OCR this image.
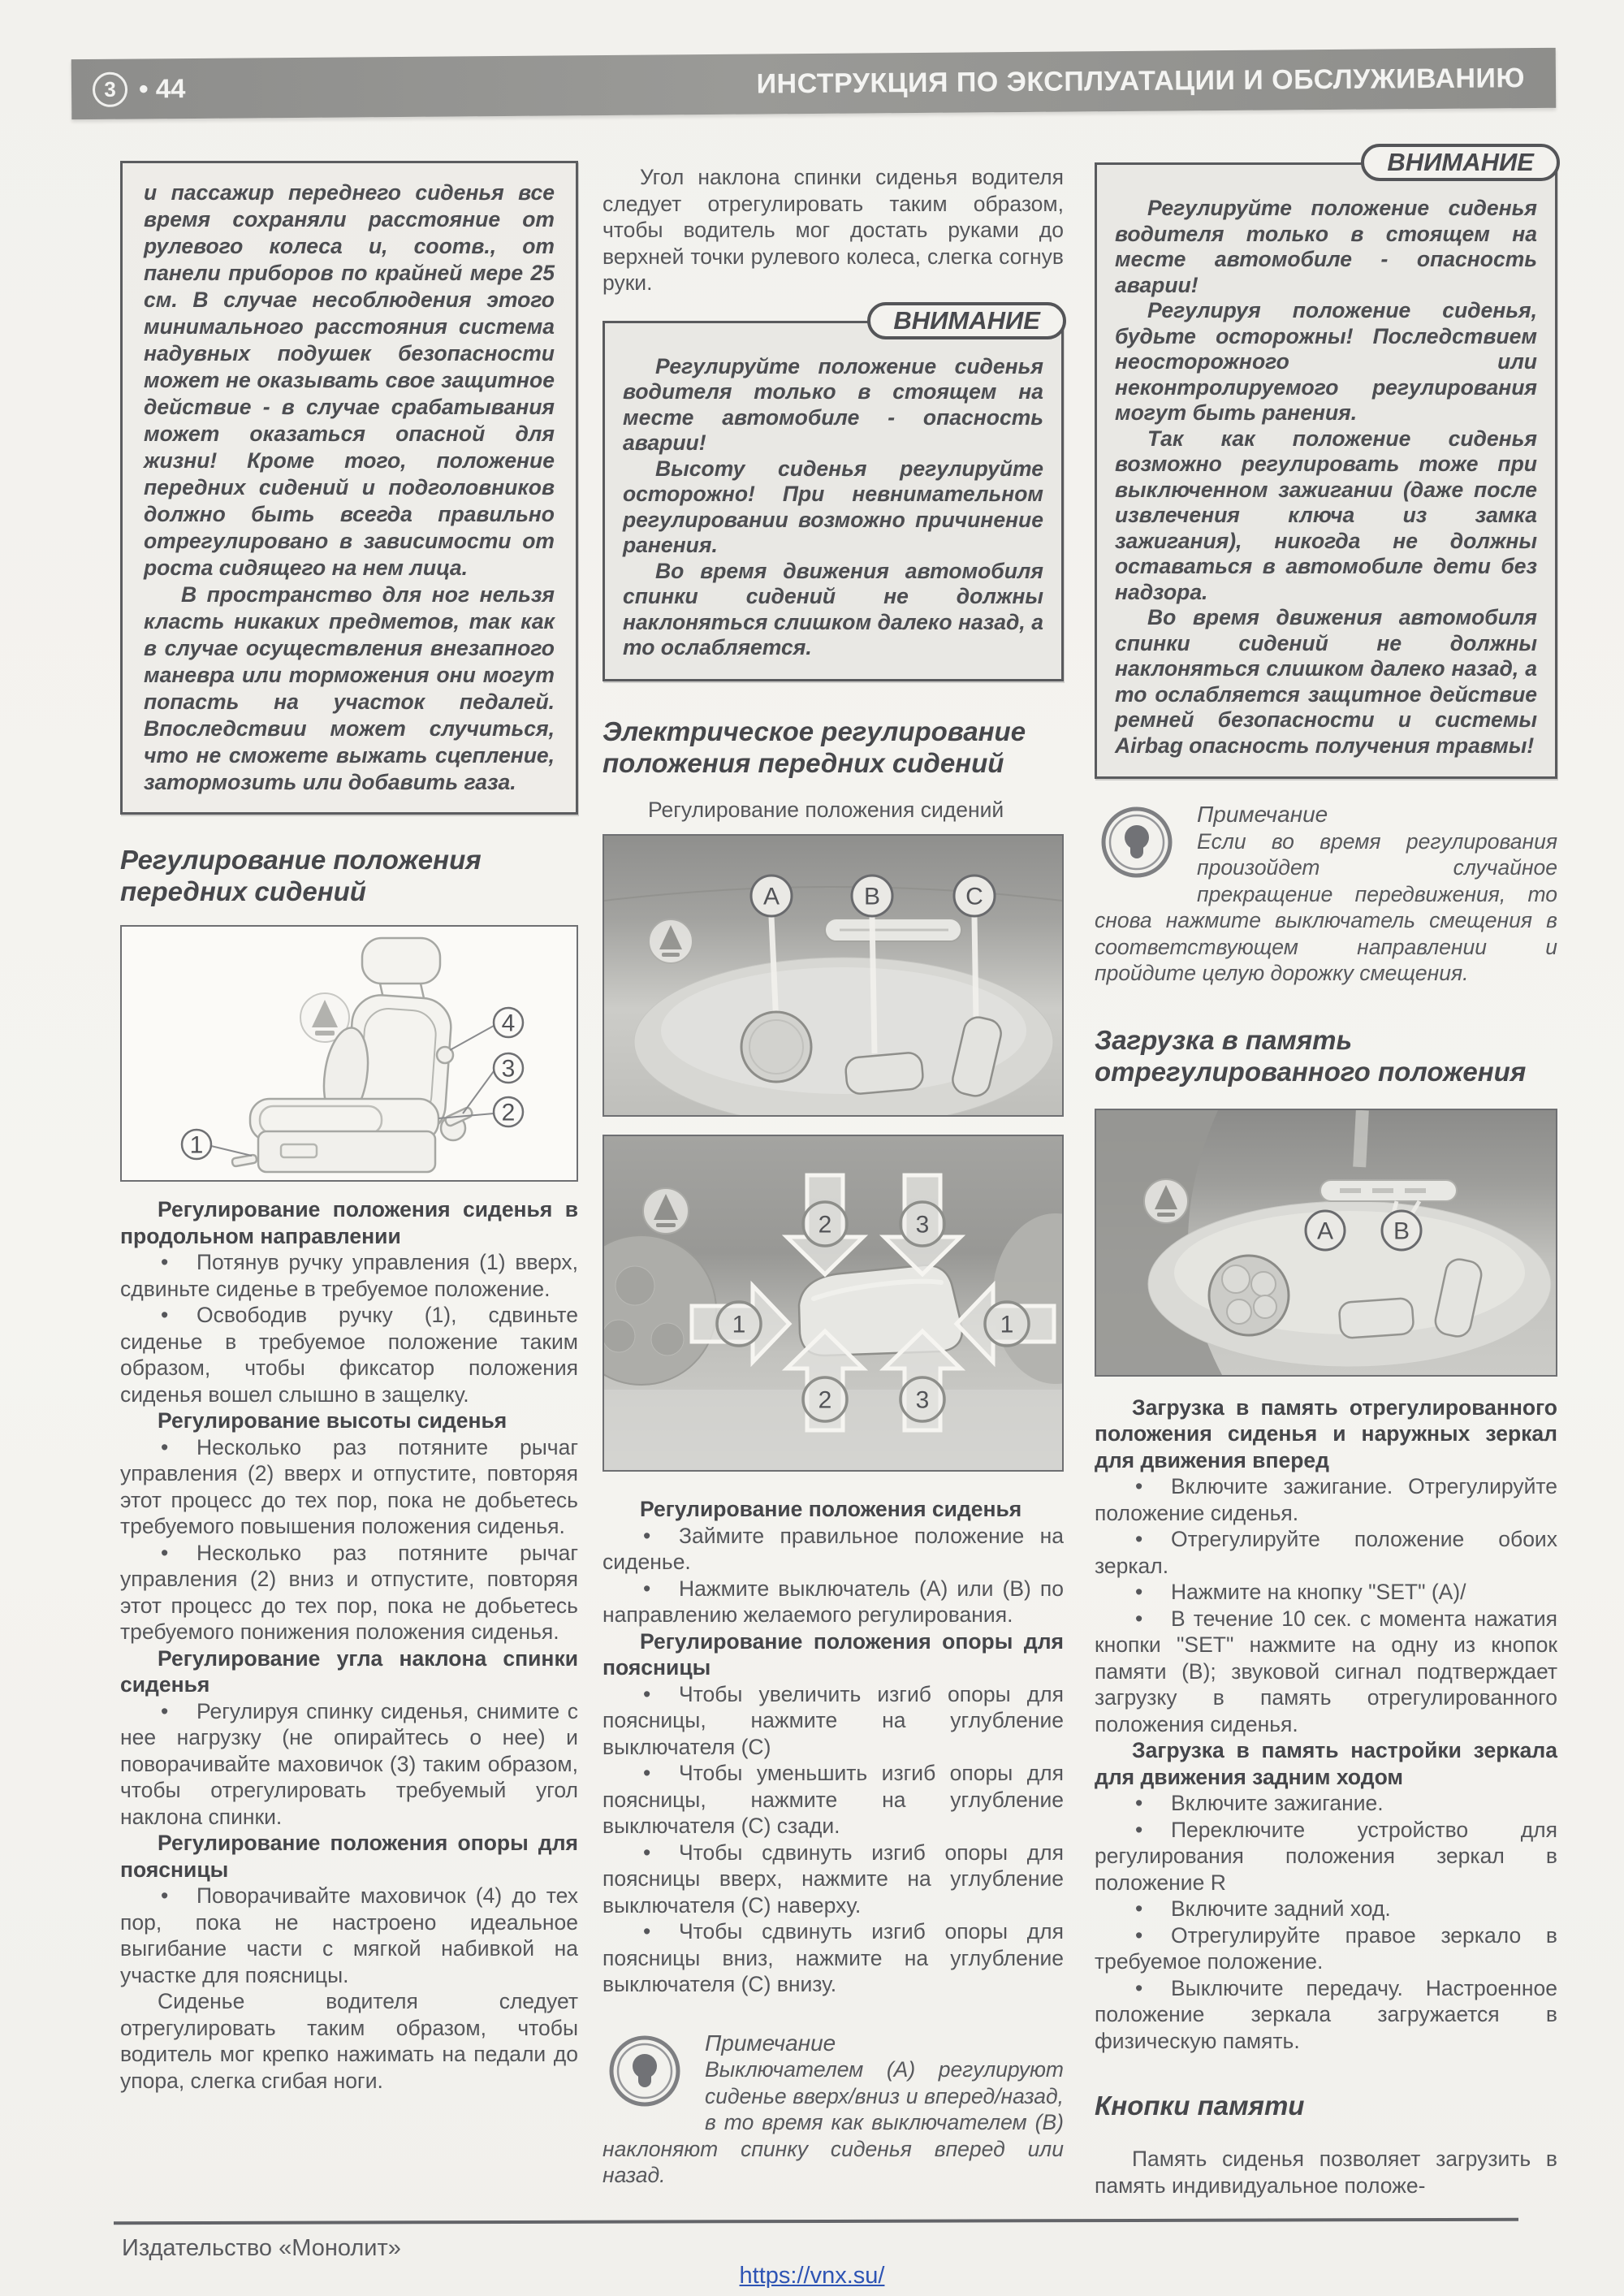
3 • 44	ИНСТРУКЦИЯ ПО ЭКСПЛУАТАЦИИ И ОБСЛУЖИВАНИЮ

и пассажир переднего сиденья все время сохраняли расстояние от рулевого колеса и, соотв., от панели приборов по крайней мере 25 см. В случае несоблюдения этого минимального расстояния система надувных подушек безопасности может не оказывать свое защитное действие - в случае срабатывания может оказаться опасной для жизни! Кроме того, положение передних сидений и подголовников должно быть всегда правильно отрегулировано в зависимости от роста сидящего на нем лица.

В пространство для ног нельзя класть никаких предметов, так как в случае осуществления внезапного маневра или торможения они могут попасть на участок педалей. Впоследствии может случиться, что не сможете выжать сцепление, затормозить или добавить газа.

Регулирование положения передних сидений
4
3
2
1

Регулирование положения сиденья в продольном направлении

•Потянув ручку управления (1) вверх, сдвиньте сиденье в требуемое положение.

•Освободив ручку (1), сдвиньте сиденье в требуемое положение таким образом, чтобы фиксатор положения сиденья вошел слышно в защелку.

Регулирование высоты сиденья

•Несколько раз потяните рычаг управления (2) вверх и отпустите, повторяя этот процесс до тех пор, пока не добьетесь требуемого повышения положения сиденья.

•Несколько раз потяните рычаг управления (2) вниз и отпустите, повторяя этот процесс до тех пор, пока не добьетесь требуемого понижения положения сиденья.

Регулирование угла наклона спинки сиденья

•Регулируя спинку сиденья, снимите с нее нагрузку (не опирайтесь о нее) и поворачивайте маховичок (3) таким образом, чтобы отрегулировать требуемый угол наклона спинки.

Регулирование положения опоры для поясницы

•Поворачивайте маховичок (4) до тех пор, пока не настроено идеальное выгибание части с мягкой набивкой на участке для поясницы.

Сиденье водителя следует отрегулировать таким образом, чтобы водитель мог крепко нажимать на педали до упора, слегка сгибая ноги.

Угол наклона спинки сиденья водителя следует отрегулировать таким образом, чтобы водитель мог достать руками до верхней точки рулевого колеса, слегка согнув руки.

ВНИМАНИЕ

Регулируйте положение сиденья водителя только в стоящем на месте автомобиле - опасность аварии!

Высоту сиденья регулируйте осторожно! При невнимательном регулировании возможно причинение ранения.

Во время движения автомобиля спинки сидений не должны наклоняться слишком далеко назад, а то ослабляется.

Электрическое регулирование положения передних сидений

Регулирование положения сидений

A	B	C
2	3
1	1
2	3

Регулирование положения сиденья

•Займите правильное положение на сиденье.

•Нажмите выключатель (А) или (В) по направлению желаемого регулирования.

Регулирование положения опоры для поясницы

•Чтобы увеличить изгиб опоры для поясницы, нажмите на углубление выключателя (С)

•Чтобы уменьшить изгиб опоры для поясницы, нажмите на углубление выключателя (С) сзади.

•Чтобы сдвинуть изгиб опоры для поясницы вверх, нажмите на углубление выключателя (С) наверху.

•Чтобы сдвинуть изгиб опоры для поясницы вниз, нажмите на углубление выключателя (С) внизу.

Примечание

Выключателем (А) регулируют сиденье вверх/вниз и вперед/назад, в то время как выключателем (В) наклоняют спинку сиденья вперед или назад.

ВНИМАНИЕ

Регулируйте положение сиденья водителя только в стоящем на месте автомобиле - опасность аварии!

Регулируя положение сиденья, будьте осторожны! Последствием неосторожного или неконтролируемого регулирования могут быть ранения.

Так как положение сиденья возможно регулировать тоже при выключенном зажигании (даже после извлечения ключа из замка зажигания), никогда не должны оставаться в автомобиле дети без надзора.

Во время движения автомобиля спинки сидений не должны наклоняться слишком далеко назад, а то ослабляется защитное действие ремней безопасности и системы Airbag опасность получения травмы!

Примечание

Если во время регулирования произойдет случайное прекращение передвижения, то снова нажмите выключатель смещения в соответствующем направлении и пройдите целую дорожку смещения.

Загрузка в память отрегулированного положения
A B

Загрузка в память отрегулированного положения сиденья и наружных зеркал для движения вперед

•Включите зажигание. Отрегулируйте положение сиденья.

•Отрегулируйте положение обоих зеркал.

•Нажмите на кнопку "SET" (А)/

•В течение 10 сек. с момента нажатия кнопки "SET" нажмите на одну из кнопок памяти (В); звуковой сигнал подтверждает загрузку в память отрегулированного положения сиденья.

Загрузка в память настройки зеркала для движения задним ходом

•Включите зажигание.

•Переключите устройство для регулирования положения зеркал в положение R

•Включите задний ход.

•Отрегулируйте правое зеркало в требуемое положение.

•Выключите передачу. Настроенное положение зеркала загружается в физическую память.

Кнопки памяти

Память сиденья позволяет загрузить в память индивидуальное положе-

Издательство «Монолит»
https://vnx.su/
